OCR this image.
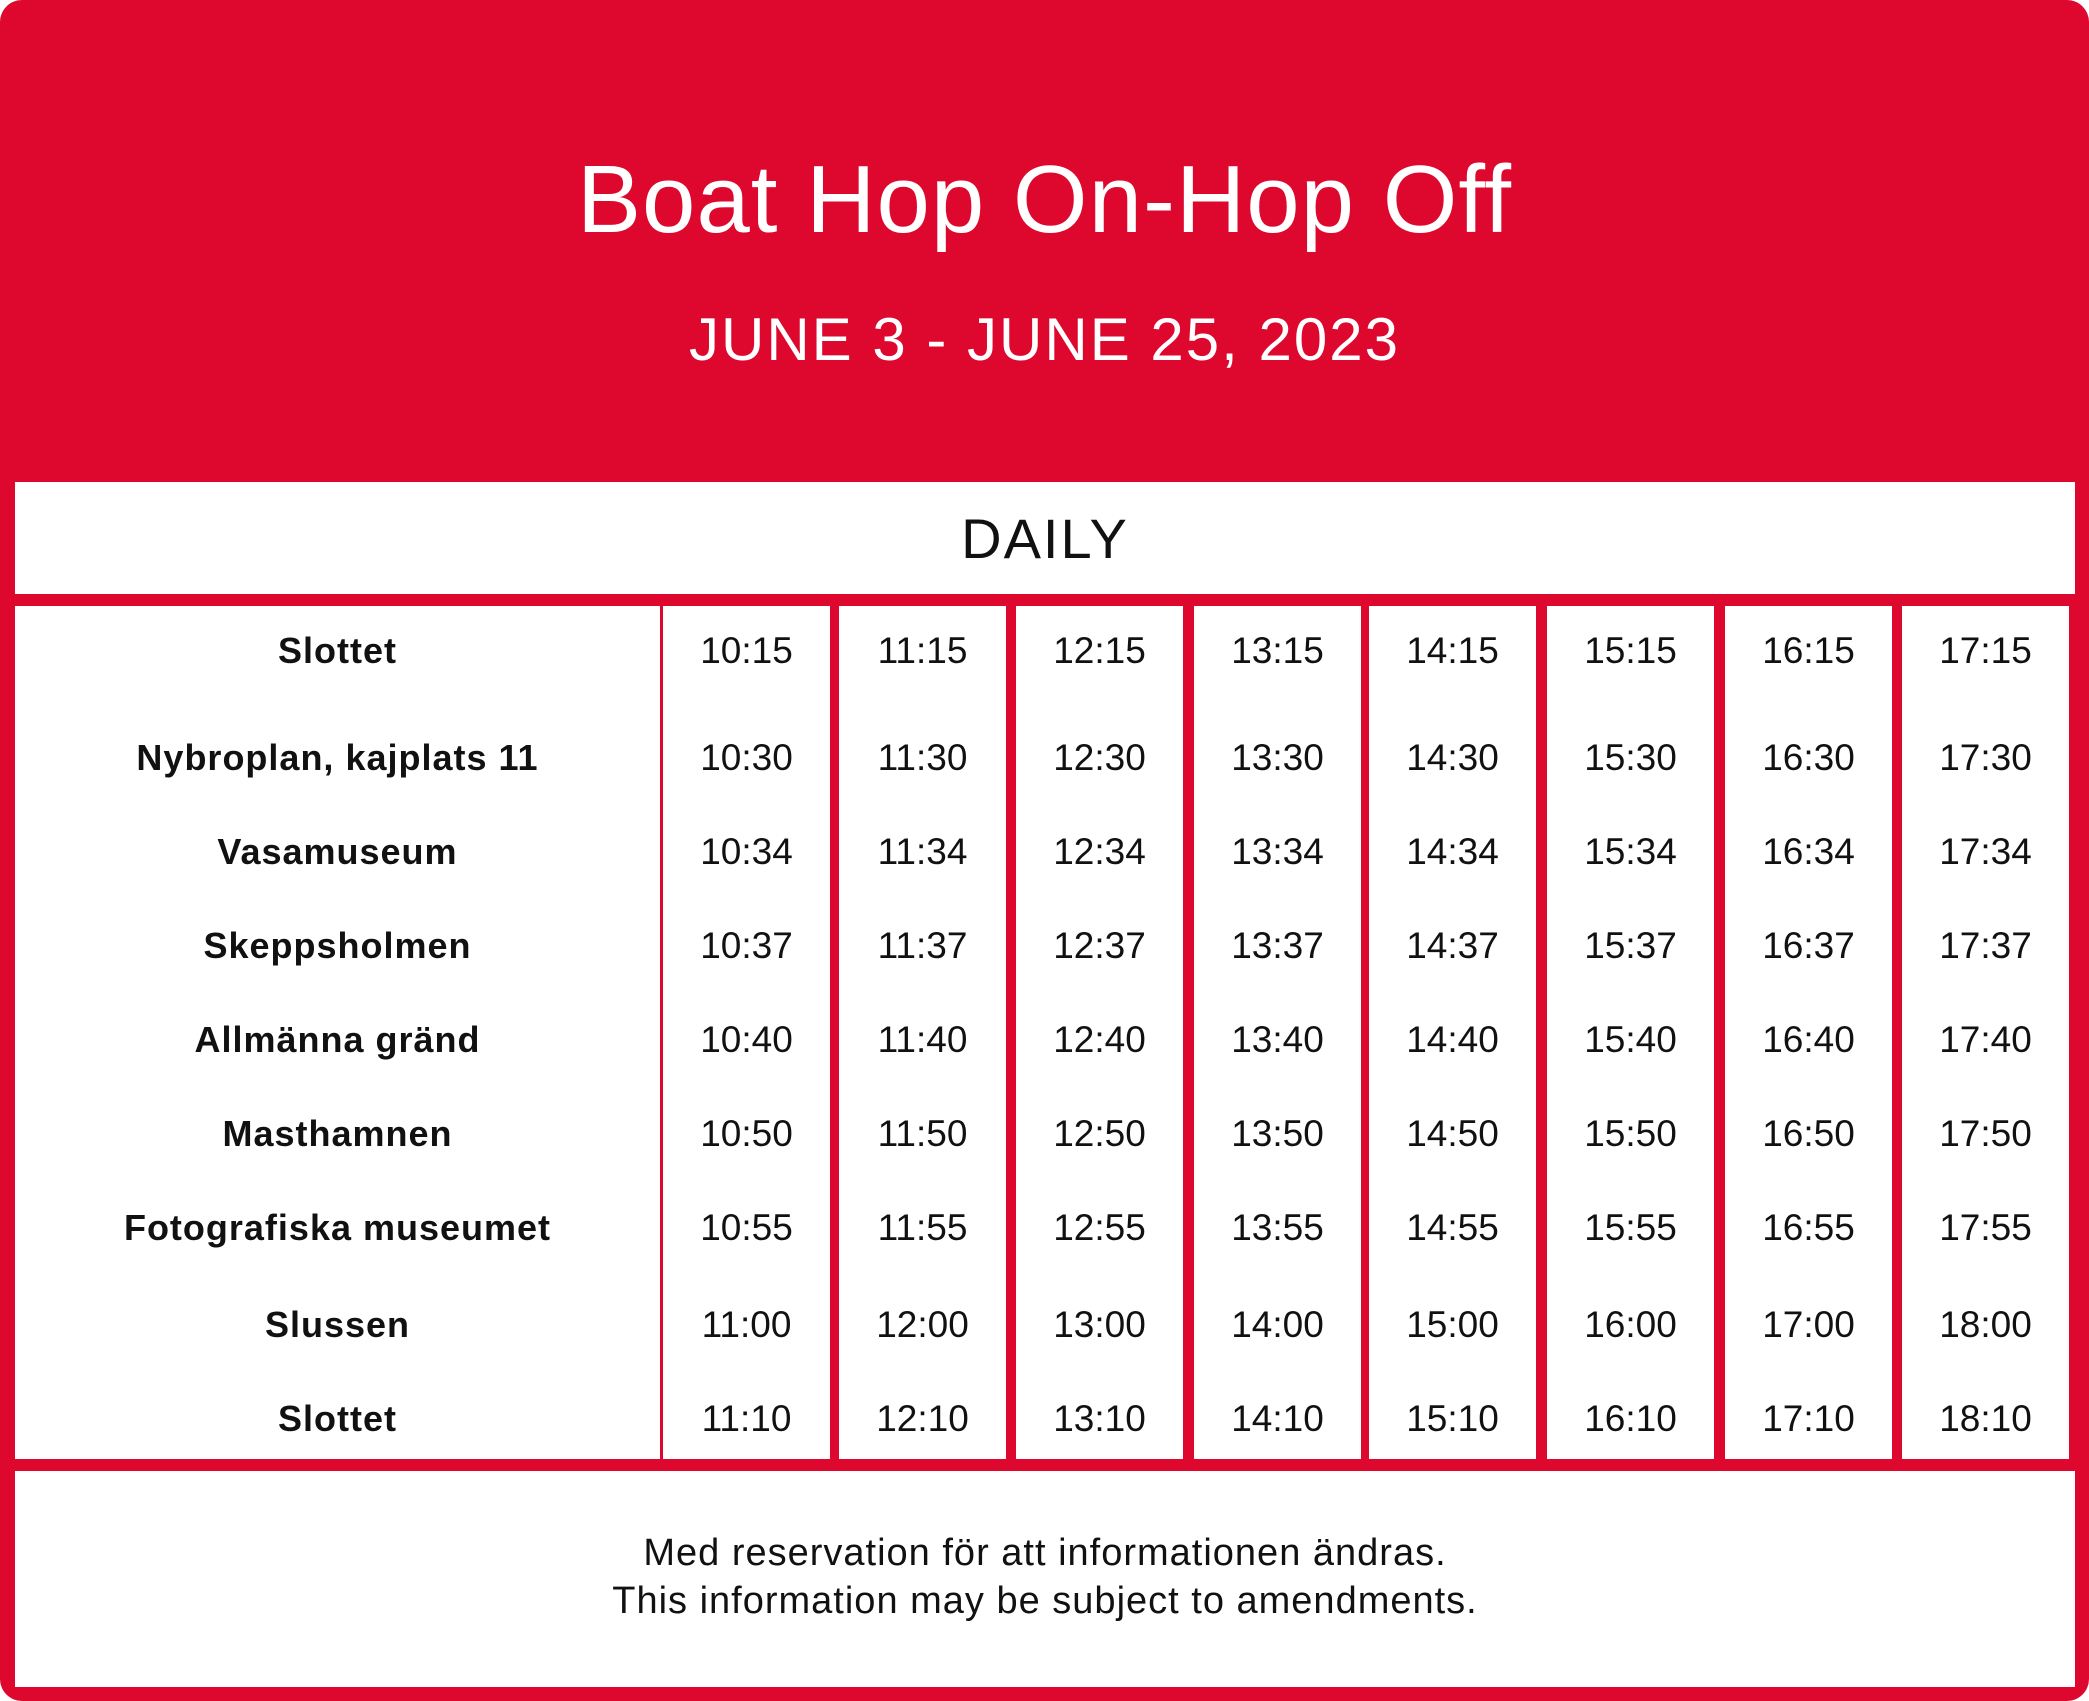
Boat Hop On-Hop Off
JUNE 3 - JUNE 25, 2023
DAILY
Slottet
Nybroplan, kajplats 11
Vasamuseum
Skeppsholmen
Allmänna gränd
Masthamnen
Fotografiska museumet
Slussen
Slottet
10:15
10:30
10:34
10:37
10:40
10:50
10:55
11:00
11:10
11:15
11:30
11:34
11:37
11:40
11:50
11:55
12:00
12:10
12:15
12:30
12:34
12:37
12:40
12:50
12:55
13:00
13:10
13:15
13:30
13:34
13:37
13:40
13:50
13:55
14:00
14:10
14:15
14:30
14:34
14:37
14:40
14:50
14:55
15:00
15:10
15:15
15:30
15:34
15:37
15:40
15:50
15:55
16:00
16:10
16:15
16:30
16:34
16:37
16:40
16:50
16:55
17:00
17:10
17:15
17:30
17:34
17:37
17:40
17:50
17:55
18:00
18:10
Med reservation för att informationen ändras.
This information may be subject to amendments.
